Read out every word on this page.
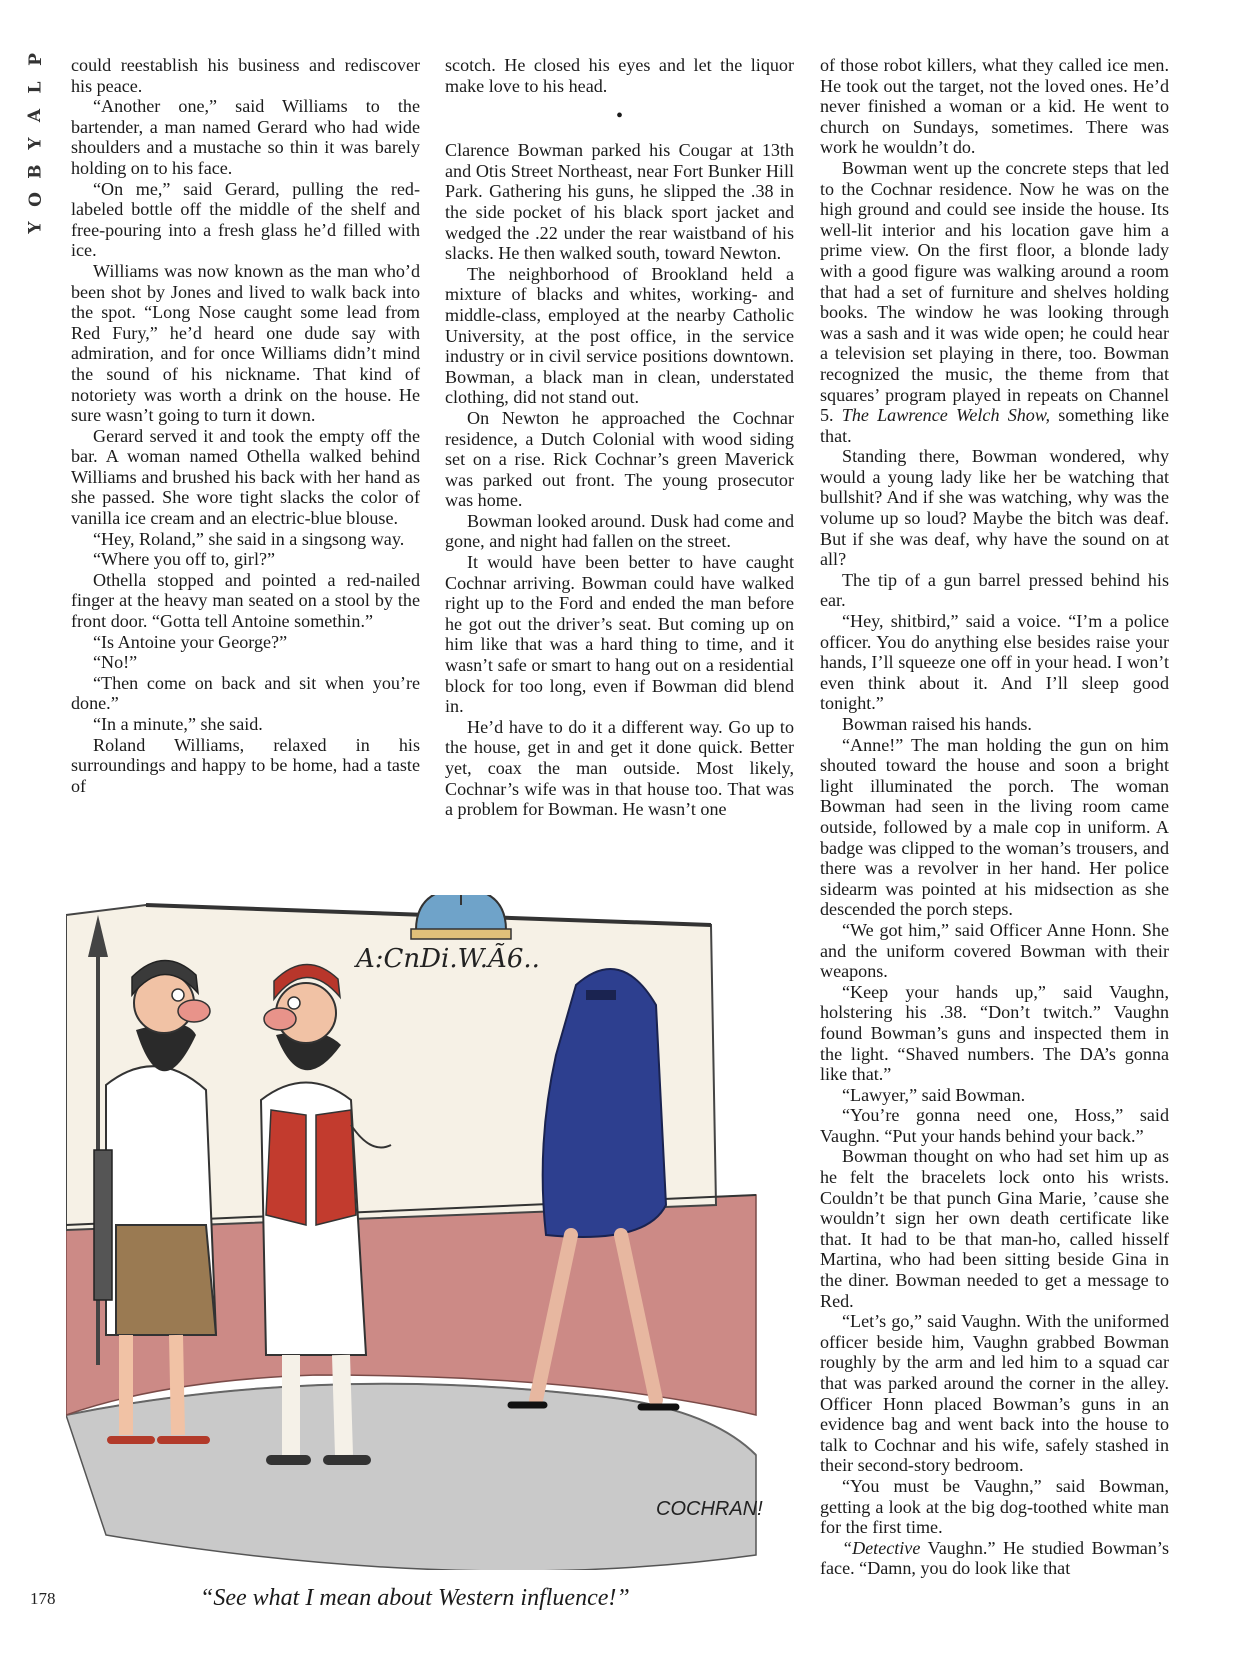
P
L
A
Y
B
O
Y

could reestablish his business and rediscover his peace.

“Another one,” said Williams to the bartender, a man named Gerard who had wide shoulders and a mustache so thin it was barely holding on to his face.

“On me,” said Gerard, pulling the red-labeled bottle off the middle of the shelf and free-pouring into a fresh glass he’d filled with ice.

Williams was now known as the man who’d been shot by Jones and lived to walk back into the spot. “Long Nose caught some lead from Red Fury,” he’d heard one dude say with admiration, and for once Williams didn’t mind the sound of his nickname. That kind of notoriety was worth a drink on the house. He sure wasn’t going to turn it down.

Gerard served it and took the empty off the bar. A woman named Othella walked behind Williams and brushed his back with her hand as she passed. She wore tight slacks the color of vanilla ice cream and an electric-blue blouse.

“Hey, Roland,” she said in a singsong way.

“Where you off to, girl?”

Othella stopped and pointed a red-nailed finger at the heavy man seated on a stool by the front door. “Gotta tell Antoine somethin.”

“Is Antoine your George?”

“No!”

“Then come on back and sit when you’re done.”

“In a minute,” she said.

Roland Williams, relaxed in his surroundings and happy to be home, had a taste of

scotch. He closed his eyes and let the liquor make love to his head.

•

Clarence Bowman parked his Cougar at 13th and Otis Street Northeast, near Fort Bunker Hill Park. Gathering his guns, he slipped the .38 in the side pocket of his black sport jacket and wedged the .22 under the rear waistband of his slacks. He then walked south, toward Newton.

The neighborhood of Brookland held a mixture of blacks and whites, working- and middle-class, employed at the nearby Catholic University, at the post office, in the service industry or in civil service positions downtown. Bowman, a black man in clean, understated clothing, did not stand out.

On Newton he approached the Cochnar residence, a Dutch Colonial with wood siding set on a rise. Rick Cochnar’s green Maverick was parked out front. The young prosecutor was home.

Bowman looked around. Dusk had come and gone, and night had fallen on the street.

It would have been better to have caught Cochnar arriving. Bowman could have walked right up to the Ford and ended the man before he got out the driver’s seat. But coming up on him like that was a hard thing to time, and it wasn’t safe or smart to hang out on a residential block for too long, even if Bowman did blend in.

He’d have to do it a different way. Go up to the house, get in and get it done quick. Better yet, coax the man outside. Most likely, Cochnar’s wife was in that house too. That was a problem for Bowman. He wasn’t one

of those robot killers, what they called ice men. He took out the target, not the loved ones. He’d never finished a woman or a kid. He went to church on Sundays, sometimes. There was work he wouldn’t do.

Bowman went up the concrete steps that led to the Cochnar residence. Now he was on the high ground and could see inside the house. Its well-lit interior and his location gave him a prime view. On the first floor, a blonde lady with a good figure was walking around a room that had a set of furniture and shelves holding books. The window he was looking through was a sash and it was wide open; he could hear a television set playing in there, too. Bowman recognized the music, the theme from that squares’ program played in repeats on Channel 5. The Lawrence Welch Show, something like that.

Standing there, Bowman wondered, why would a young lady like her be watching that bullshit? And if she was watching, why was the volume up so loud? Maybe the bitch was deaf. But if she was deaf, why have the sound on at all?

The tip of a gun barrel pressed behind his ear.

“Hey, shitbird,” said a voice. “I’m a police officer. You do anything else besides raise your hands, I’ll squeeze one off in your head. I won’t even think about it. And I’ll sleep good tonight.”

Bowman raised his hands.

“Anne!” The man holding the gun on him shouted toward the house and soon a bright light illuminated the porch. The woman Bowman had seen in the living room came outside, followed by a male cop in uniform. A badge was clipped to the woman’s trousers, and there was a revolver in her hand. Her police sidearm was pointed at his midsection as she descended the porch steps.

“We got him,” said Officer Anne Honn. She and the uniform covered Bowman with their weapons.

“Keep your hands up,” said Vaughn, holstering his .38. “Don’t twitch.” Vaughn found Bowman’s guns and inspected them in the light. “Shaved numbers. The DA’s gonna like that.”

“Lawyer,” said Bowman.

“You’re gonna need one, Hoss,” said Vaughn. “Put your hands behind your back.”

Bowman thought on who had set him up as he felt the bracelets lock onto his wrists. Couldn’t be that punch Gina Marie, ’cause she wouldn’t sign her own death certificate like that. It had to be that man-ho, called hisself Martina, who had been sitting beside Gina in the diner. Bowman needed to get a message to Red.

“Let’s go,” said Vaughn. With the uniformed officer beside him, Vaughn grabbed Bowman roughly by the arm and led him to a squad car that was parked around the corner in the alley. Officer Honn placed Bowman’s guns in an evidence bag and went back into the house to talk to Cochnar and his wife, safely stashed in their second-story bedroom.

“You must be Vaughn,” said Bowman, getting a look at the big dog-toothed white man for the first time.

“Detective Vaughn.” He studied Bowman’s face. “Damn, you do look like that

A:CnDi.W.Ã6..
COCHRAN!
“See what I mean about Western influence!”
178
